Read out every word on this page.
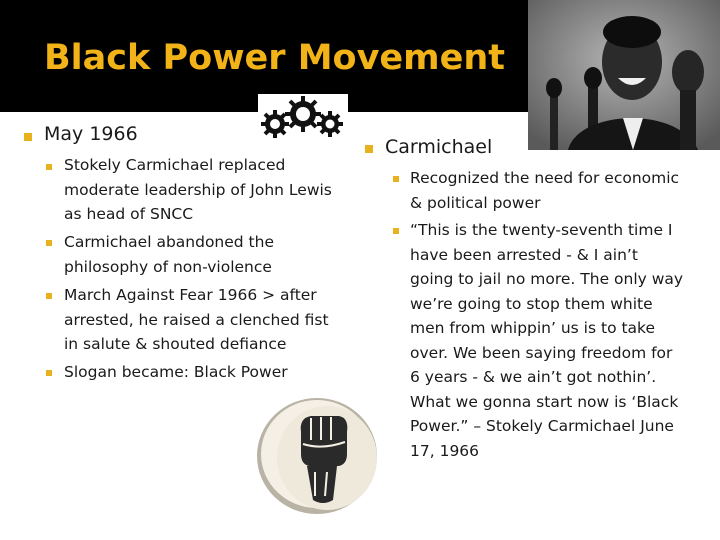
Black Power Movement
May 1966
Stokely Carmichael replaced moderate leadership of John Lewis as head of SNCC
Carmichael abandoned the philosophy of non-violence
March Against Fear 1966 > after arrested, he raised a clenched fist in salute & shouted defiance
Slogan became: Black Power
Carmichael
Recognized the need for economic & political power
“This is the twenty-seventh time I have been arrested - & I ain’t going to jail no more. The only way we’re going to stop them white men from whippin’ us is to take over. We been saying freedom for 6 years - & we ain’t got nothin’. What we gonna start now is ‘Black Power.” – Stokely Carmichael June 17, 1966
